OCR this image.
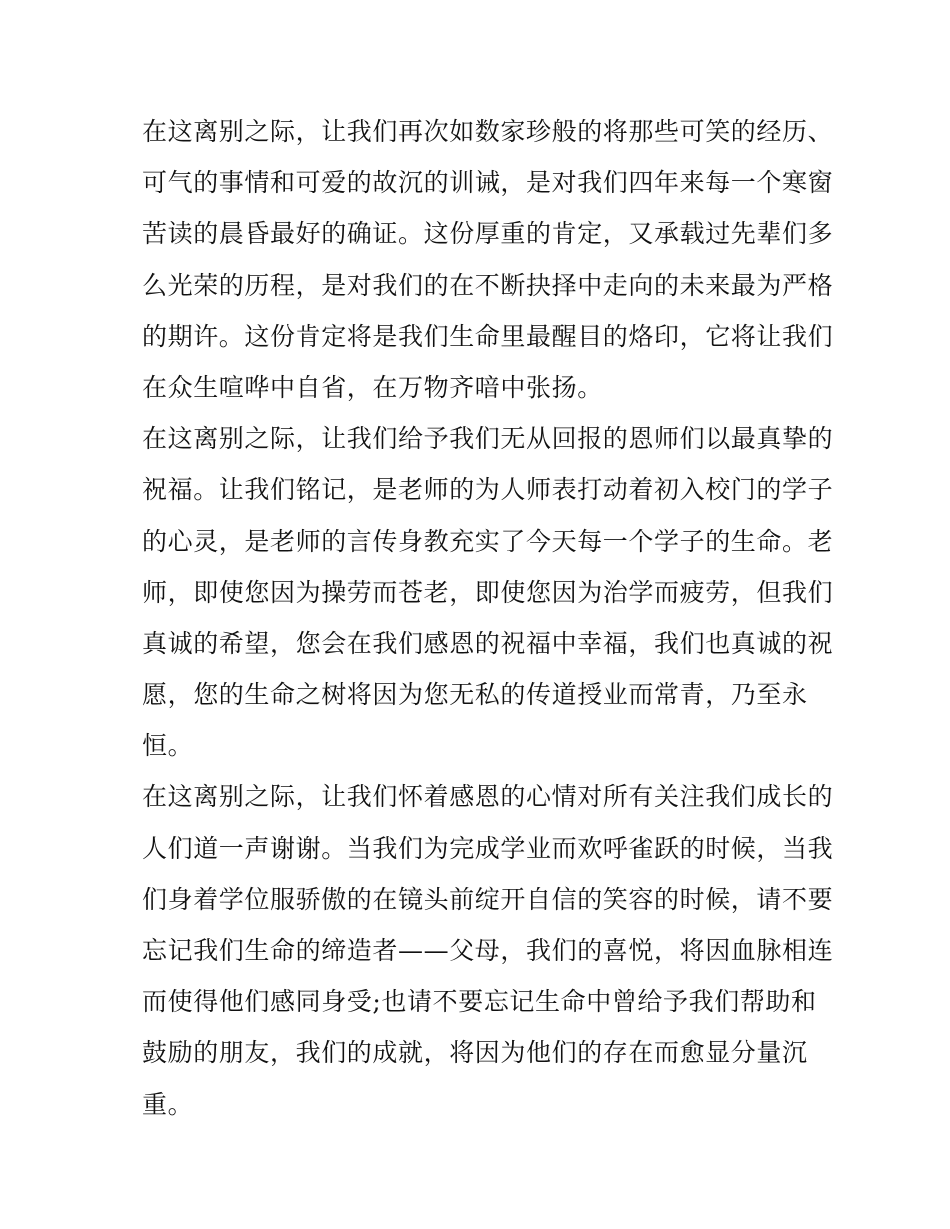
在这离别之际，让我们再次如数家珍般的将那些可笑的经历、
可气的事情和可爱的故沉的训诫，是对我们四年来每一个寒窗
苦读的晨昏最好的确证。这份厚重的肯定，又承载过先辈们多
么光荣的历程，是对我们的在不断抉择中走向的未来最为严格
的期许。这份肯定将是我们生命里最醒目的烙印，它将让我们
在众生喧哗中自省，在万物齐喑中张扬。
在这离别之际，让我们给予我们无从回报的恩师们以最真挚的
祝福。让我们铭记，是老师的为人师表打动着初入校门的学子
的心灵，是老师的言传身教充实了今天每一个学子的生命。老
师，即使您因为操劳而苍老，即使您因为治学而疲劳，但我们
真诚的希望，您会在我们感恩的祝福中幸福，我们也真诚的祝
愿，您的生命之树将因为您无私的传道授业而常青，乃至永
恒。
在这离别之际，让我们怀着感恩的心情对所有关注我们成长的
人们道一声谢谢。当我们为完成学业而欢呼雀跃的时候，当我
们身着学位服骄傲的在镜头前绽开自信的笑容的时候，请不要
忘记我们生命的缔造者——父母，我们的喜悦，将因血脉相连
而使得他们感同身受;也请不要忘记生命中曾给予我们帮助和
鼓励的朋友，我们的成就，将因为他们的存在而愈显分量沉
重。
